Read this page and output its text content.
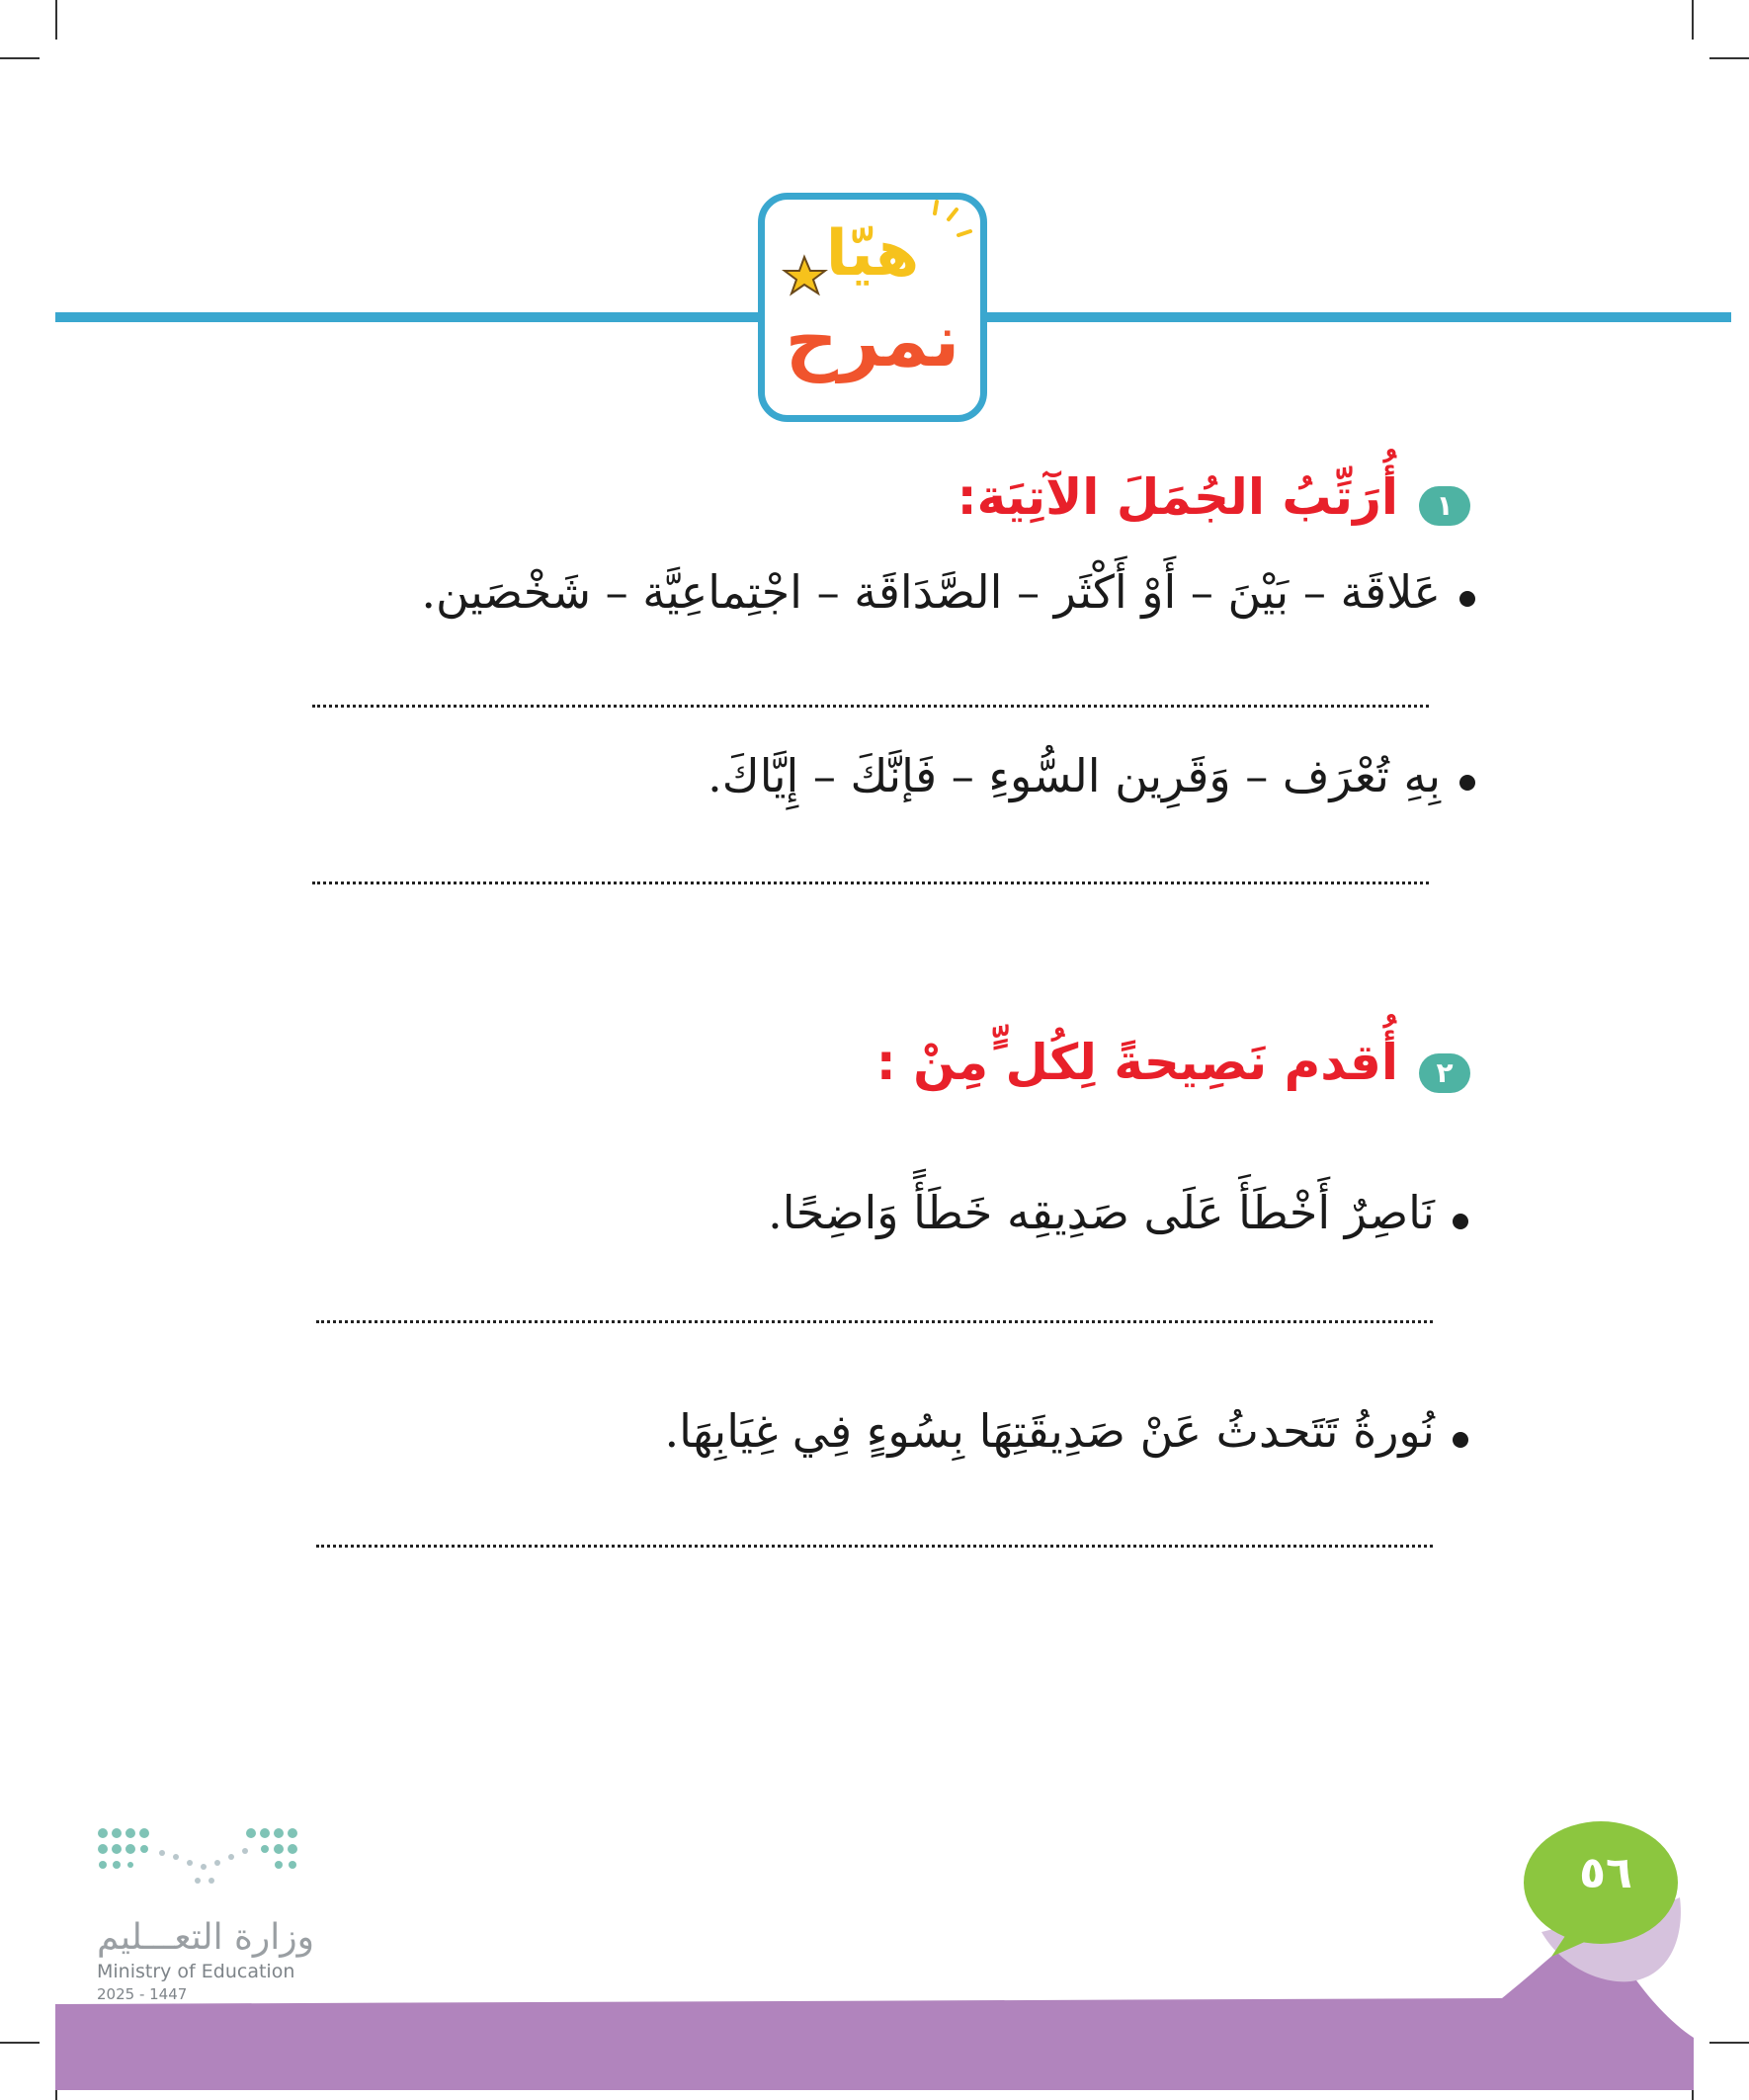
هيّا
نمرح
١
أُرَتِّبُ الجُمَلَ الآتِيَة:
عَلاقَة – بَيْنَ – أَوْ أَكْثَر – الصَّدَاقَة – اجْتِماعِيَّة – شَخْصَين.
بِهِ تُعْرَف – وَقَرِين السُّوءِ – فَإنَّكَ – إِيَّاكَ.
٢
أُقدم نَصِيحةً لِكُل ٍّمِنْ :
نَاصِرٌ أَخْطَأَ عَلَى صَدِيقِه خَطَأً وَاضِحًا.
نُورةُ تَتَحدثُ عَنْ صَدِيقَتِهَا بِسُوءٍ فِي غِيَابِهَا.
٥٦
وزارة التعـــليم
Ministry of Education
2025 - 1447
